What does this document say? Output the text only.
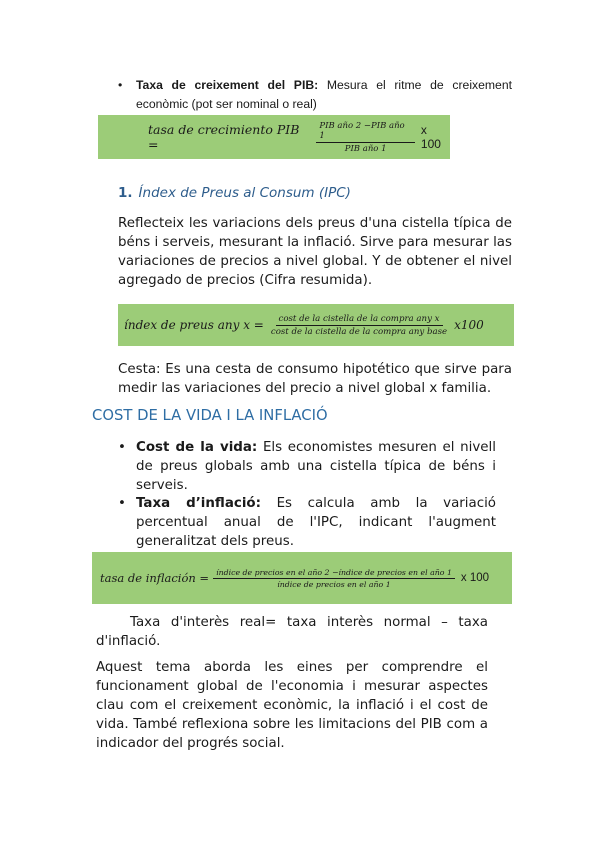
• Taxa de creixement del PIB: Mesura el ritme de creixement econòmic (pot ser nominal o real)
tasa de crecimiento PIB =	$\frac{\text{PIB año 2 −PIB año 1}}{\text{PIB año 1}}$ x 100
1. Índex de Preus al Consum (IPC)
Reflecteix les variacions dels preus d'una cistella típica de béns i serveis, mesurant la inflació. Sirve para mesurar las variaciones de precios a nivel global. Y de obtener el nivel agregado de precios (Cifra resumida).
índex de preus any $x = \frac{\text{cost de la cistella de la compra any x}}{\text{cost de la cistella de la compra any base}} x100$
Cesta: Es una cesta de consumo hipotético que sirve para medir las variaciones del precio a nivel global x familia.
COST DE LA VIDA I LA INFLACIÓ
• Cost de la vida: Els economistes mesuren el nivell de preus globals amb una cistella típica de béns i serveis.
• Taxa d’inflació: Es calcula amb la variació percentual anual de l'IPC, indicant l'augment generalitzat dels preus.
tasa de inflación = $\frac{\text{índice de precios en el año 2 −índice de precios en el año 1}}{\text{índice de precios en el año 1}}$ x 100
Taxa d'interès real= taxa interès normal – taxa d'inflació.
Aquest tema aborda les eines per comprendre el funcionament global de l'economia i mesurar aspectes clau com el creixement econòmic, la inflació i el cost de vida. També reflexiona sobre les limitacions del PIB com a indicador del progrés social.
